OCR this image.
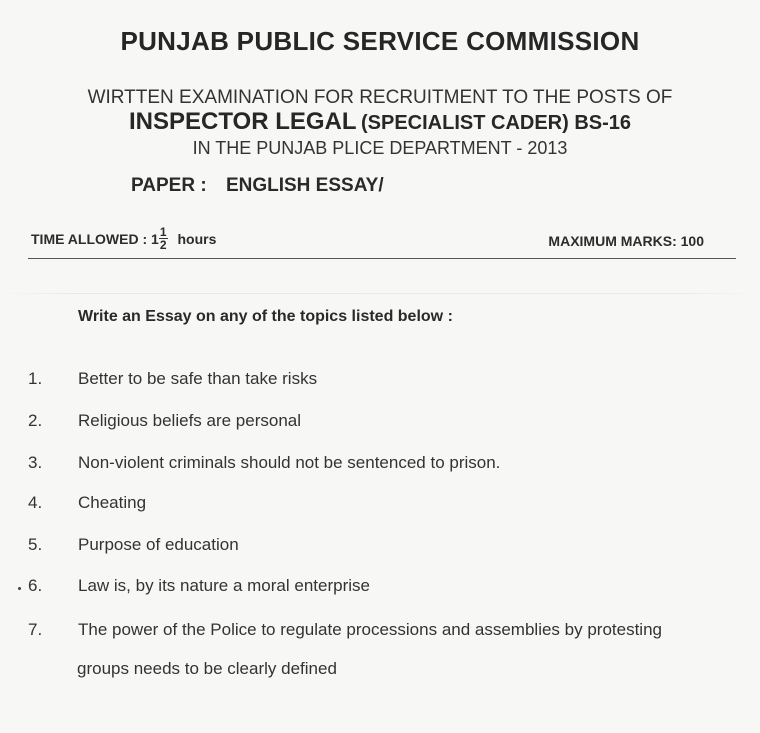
PUNJAB PUBLIC SERVICE COMMISSION
WIRTTEN EXAMINATION FOR RECRUITMENT TO THE POSTS OF
INSPECTOR LEGAL (SPECIALIST CADER) BS-16
IN THE PUNJAB PLICE DEPARTMENT - 2013
PAPER : ENGLISH ESSAY/
TIME ALLOWED : $1 \frac{1}{2}$ hours	MAXIMUM MARKS: 100
Write an Essay on any of the topics listed below :
1. Better to be safe than take risks
2. Religious beliefs are personal
3. Non-violent criminals should not be sentenced to prison.
4. Cheating
5. Purpose of education
6. Law is, by its nature a moral enterprise
7. The power of the Police to regulate processions and assemblies by protesting
groups needs to be clearly defined
